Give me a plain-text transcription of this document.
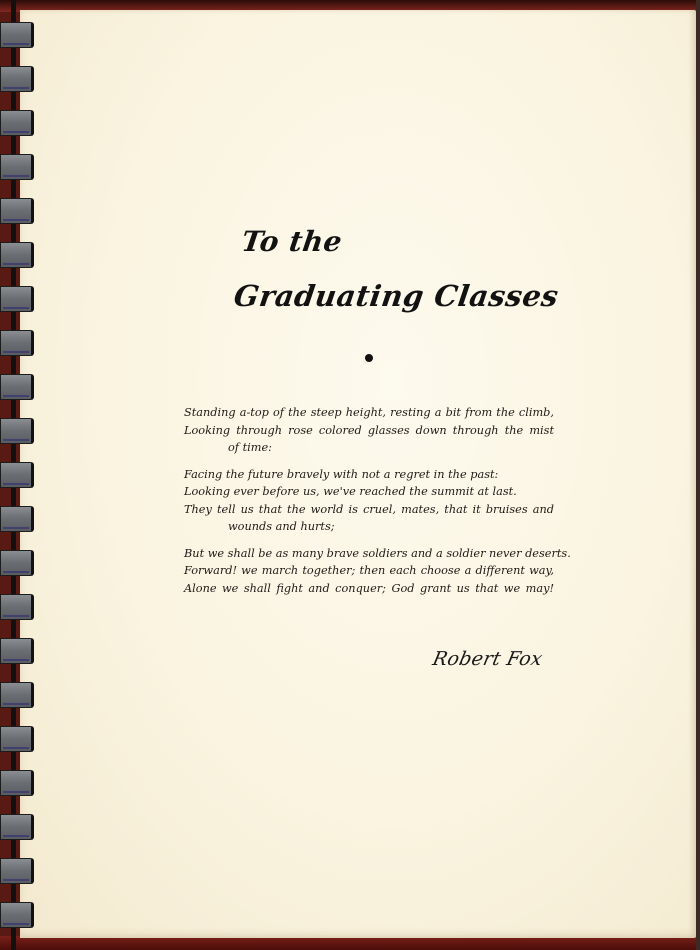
To the
Graduating Classes
Standing a-top of the steep height, resting a bit from the climb,
Looking through rose colored glasses down through the mist
of time:
Facing the future bravely with not a regret in the past:
Looking ever before us, we've reached the summit at last.
They tell us that the world is cruel, mates, that it bruises and
wounds and hurts;
But we shall be as many brave soldiers and a soldier never deserts.
Forward! we march together; then each choose a different way,
Alone we shall fight and conquer; God grant us that we may!
Robert Fox
